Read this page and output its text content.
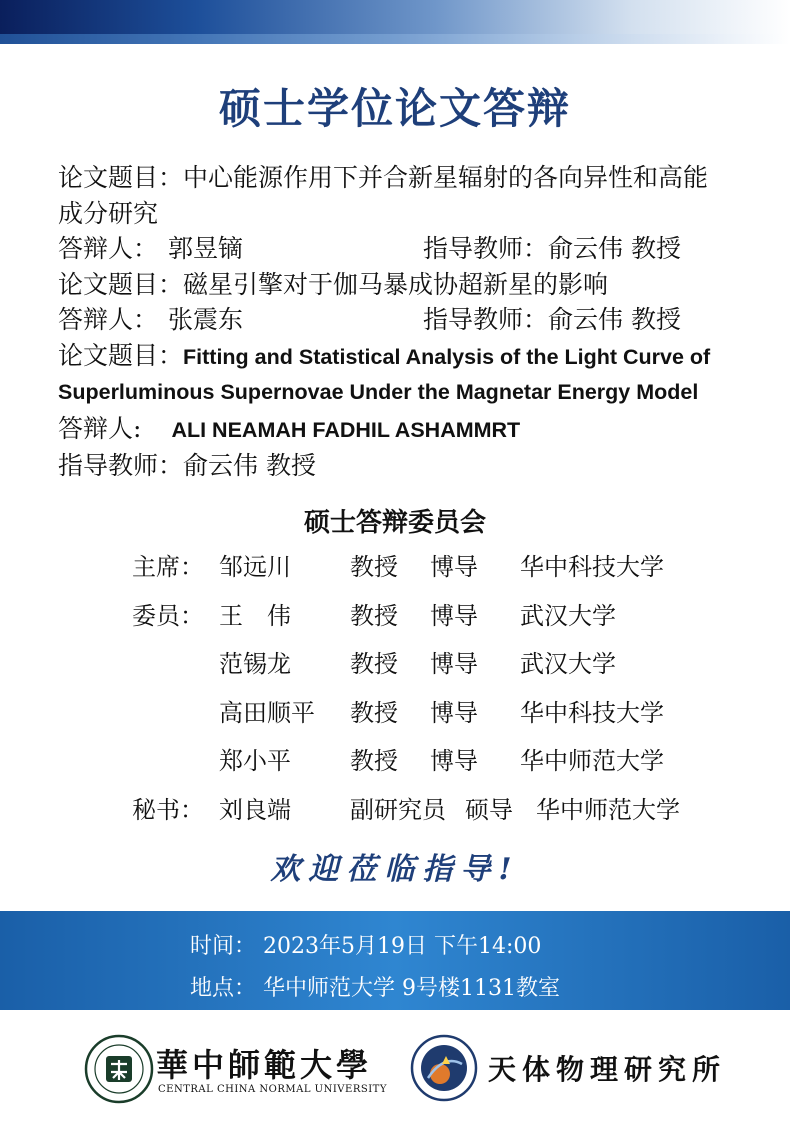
硕士学位论文答辩
论文题目：中心能源作用下并合新星辐射的各向异性和高能
成分研究
答辩人： 郭昱镝	指导教师：俞云伟 教授
论文题目：磁星引擎对于伽马暴成协超新星的影响
答辩人： 张震东	指导教师：俞云伟 教授
论文题目：Fitting and Statistical Analysis of the Light Curve of
Superluminous Supernovae Under the Magnetar Energy Model
答辩人: ALI NEAMAH FADHIL ASHAMMRT
指导教师：俞云伟 教授
硕士答辩委员会
主席： 邹远川 教授 博导 华中科技大学
委员： 王　伟 教授 博导 武汉大学
范锡龙 教授 博导 武汉大学
高田顺平 教授 博导 华中科技大学
郑小平 教授 博导 华中师范大学
秘书： 刘良端 副研究员 硕导 华中师范大学
欢迎莅临指导!
时间： 2023年5月19日 下午14:00
地点： 华中师范大学 9号楼1131教室
華中師範大學
CENTRAL CHINA NORMAL UNIVERSITY
天体物理研究所
